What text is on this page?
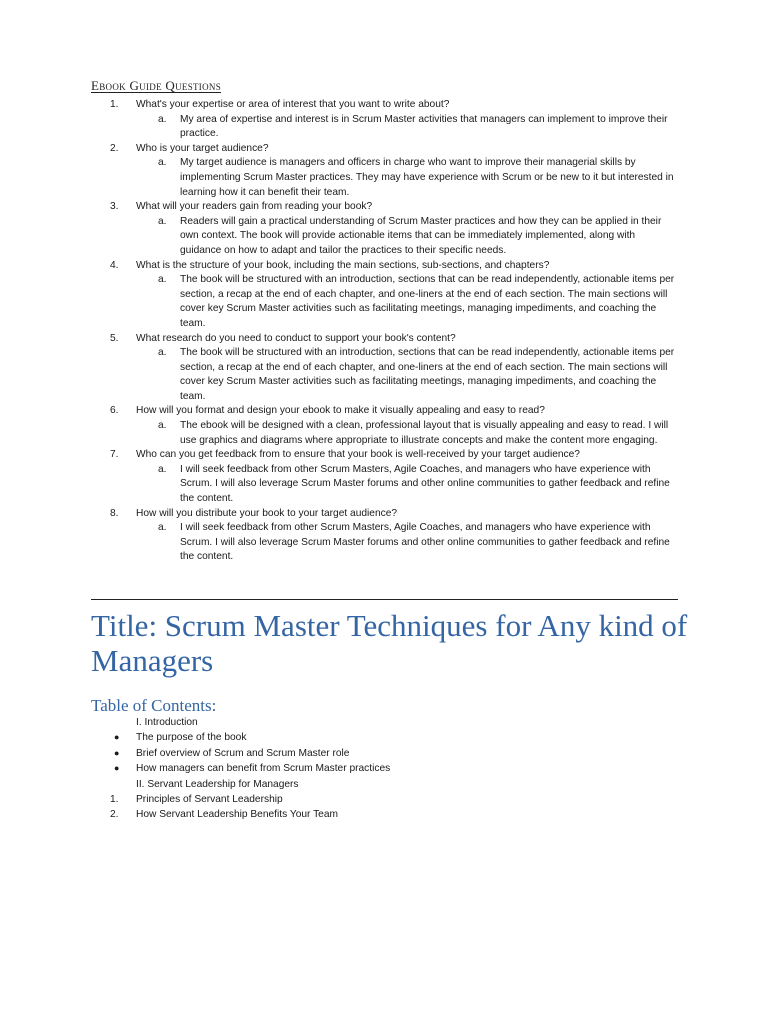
Ebook Guide Questions
1.	What's your expertise or area of interest that you want to write about?
a. My area of expertise and interest is in Scrum Master activities that managers can implement to improve their practice.
2.	Who is your target audience?
a. My target audience is managers and officers in charge who want to improve their managerial skills by implementing Scrum Master practices. They may have experience with Scrum or be new to it but interested in learning how it can benefit their team.
3.	What will your readers gain from reading your book?
a. Readers will gain a practical understanding of Scrum Master practices and how they can be applied in their own context. The book will provide actionable items that can be immediately implemented, along with guidance on how to adapt and tailor the practices to their specific needs.
4.	What is the structure of your book, including the main sections, sub-sections, and chapters?
a. The book will be structured with an introduction, sections that can be read independently, actionable items per section, a recap at the end of each chapter, and one-liners at the end of each section. The main sections will cover key Scrum Master activities such as facilitating meetings, managing impediments, and coaching the team.
5.	What research do you need to conduct to support your book's content?
a. The book will be structured with an introduction, sections that can be read independently, actionable items per section, a recap at the end of each chapter, and one-liners at the end of each section. The main sections will cover key Scrum Master activities such as facilitating meetings, managing impediments, and coaching the team.
6.	How will you format and design your ebook to make it visually appealing and easy to read?
a. The ebook will be designed with a clean, professional layout that is visually appealing and easy to read. I will use graphics and diagrams where appropriate to illustrate concepts and make the content more engaging.
7.	Who can you get feedback from to ensure that your book is well-received by your target audience?
a. I will seek feedback from other Scrum Masters, Agile Coaches, and managers who have experience with Scrum. I will also leverage Scrum Master forums and other online communities to gather feedback and refine the content.
8.	How will you distribute your book to your target audience?
a. I will seek feedback from other Scrum Masters, Agile Coaches, and managers who have experience with Scrum. I will also leverage Scrum Master forums and other online communities to gather feedback and refine the content.
Title: Scrum Master Techniques for Any kind of Managers
Table of Contents:
I. Introduction
●	The purpose of the book
●	Brief overview of Scrum and Scrum Master role
●	How managers can benefit from Scrum Master practices
II. Servant Leadership for Managers
1.	Principles of Servant Leadership
2.	How Servant Leadership Benefits Your Team
